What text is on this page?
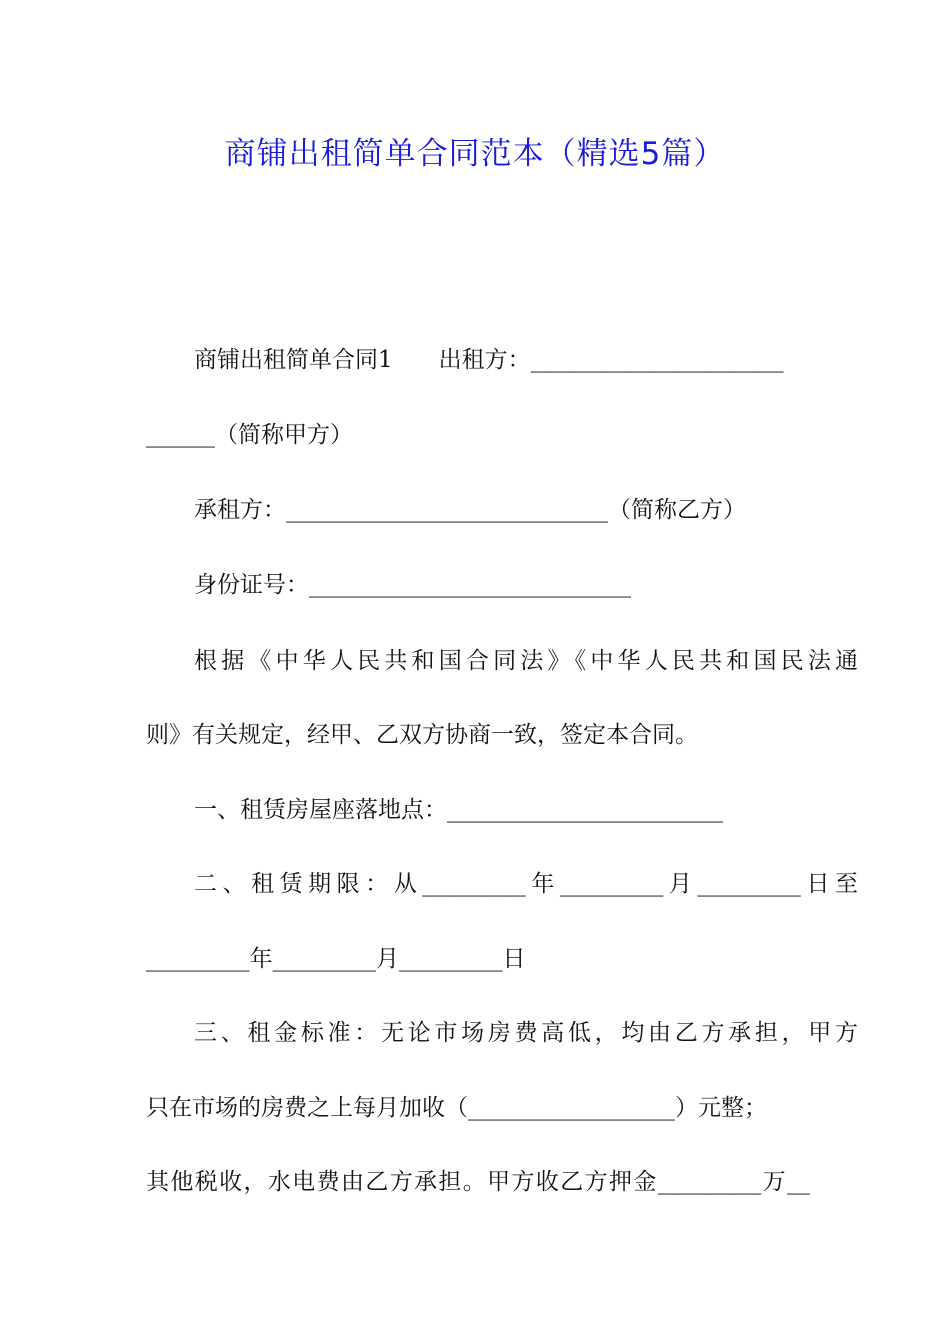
商铺出租简单合同范本（精选5篇）
商铺出租简单合同1　　出租方：______________________
______（简称甲方）
承租方：____________________________（简称乙方）
身份证号：____________________________
根据《中华人民共和国合同法》《中华人民共和国民法通
则》有关规定，经甲、乙双方协商一致，签定本合同。
一、租赁房屋座落地点：________________________
二、租赁期限：从_________年_________月_________日至
_________年_________月_________日
三、租金标准：无论市场房费高低，均由乙方承担，甲方
只在市场的房费之上每月加收（__________________）元整；
其他税收，水电费由乙方承担。甲方收乙方押金_________万__
